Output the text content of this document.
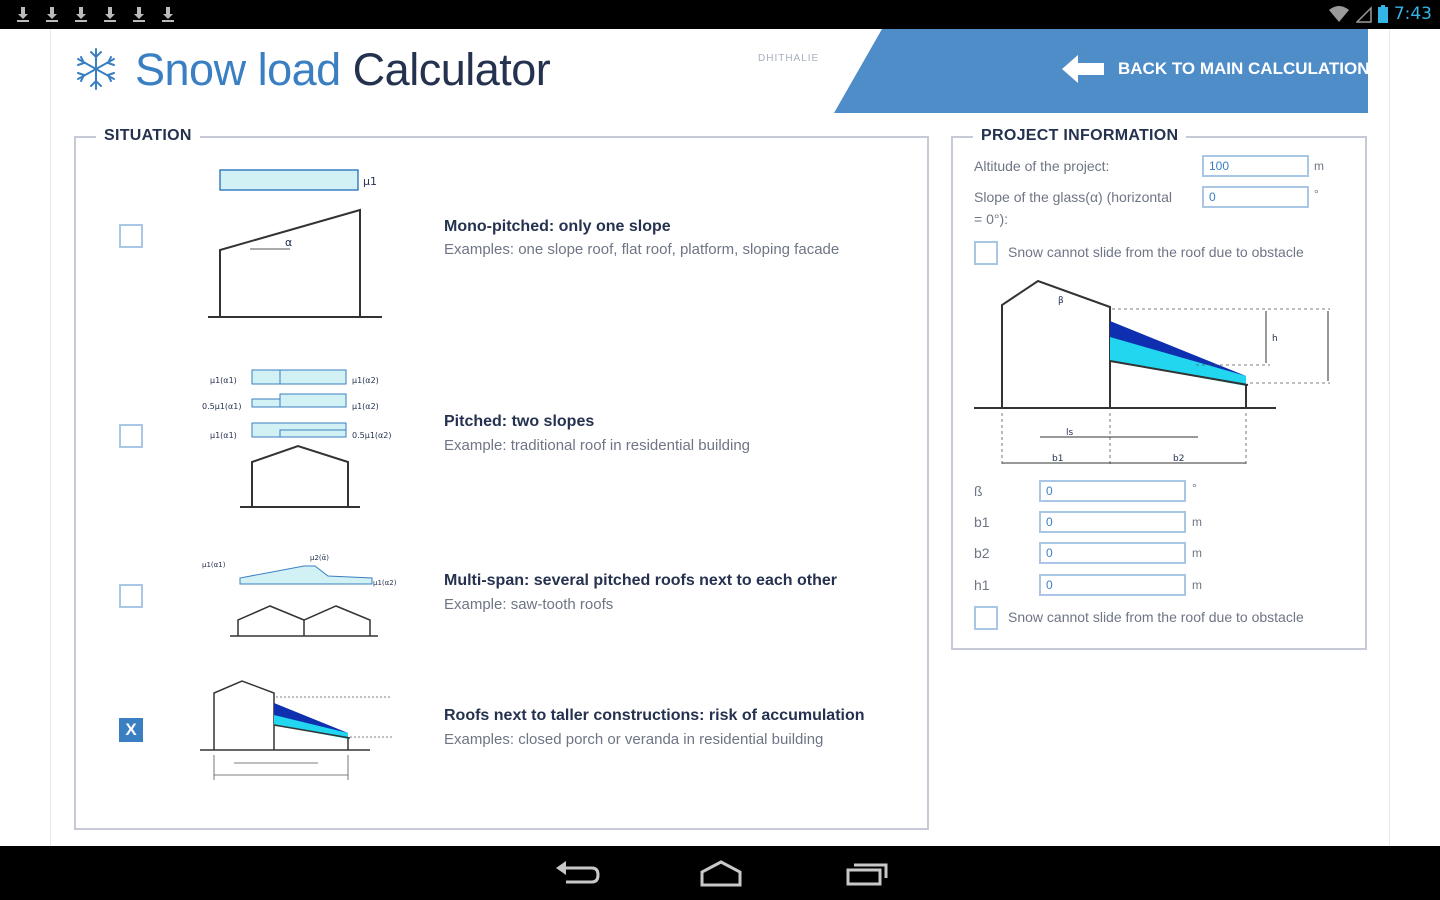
7:43
Snow load Calculator	DHITHALIE
BACK TO MAIN CALCULATION
SITUATION
μ1
α
Mono-pitched: only one slope
Examples: one slope roof, flat roof, platform, sloping facade
μ1(α1)	μ1(α2)
0.5μ1(α1)	μ1(α2)
μ1(α1)	0.5μ1(α2)
Pitched: two slopes
Example: traditional roof in residential building
μ1(α1)
μ2(ᾱ)
μ1(α2)	Multi-span: several pitched roofs next to each other
Example: saw-tooth roofs
X
Roofs next to taller constructions: risk of accumulation
Examples: closed porch or veranda in residential building
PROJECT INFORMATION
Altitude of the project:	100	m
Slope of the glass(α) (horizontal
= 0°):
0	°
Snow cannot slide from the roof due to obstacle
β
h
b1	b2
ls
ß	0	°
b1	0	m
b2	0	m
h1	0	m
Snow cannot slide from the roof due to obstacle
